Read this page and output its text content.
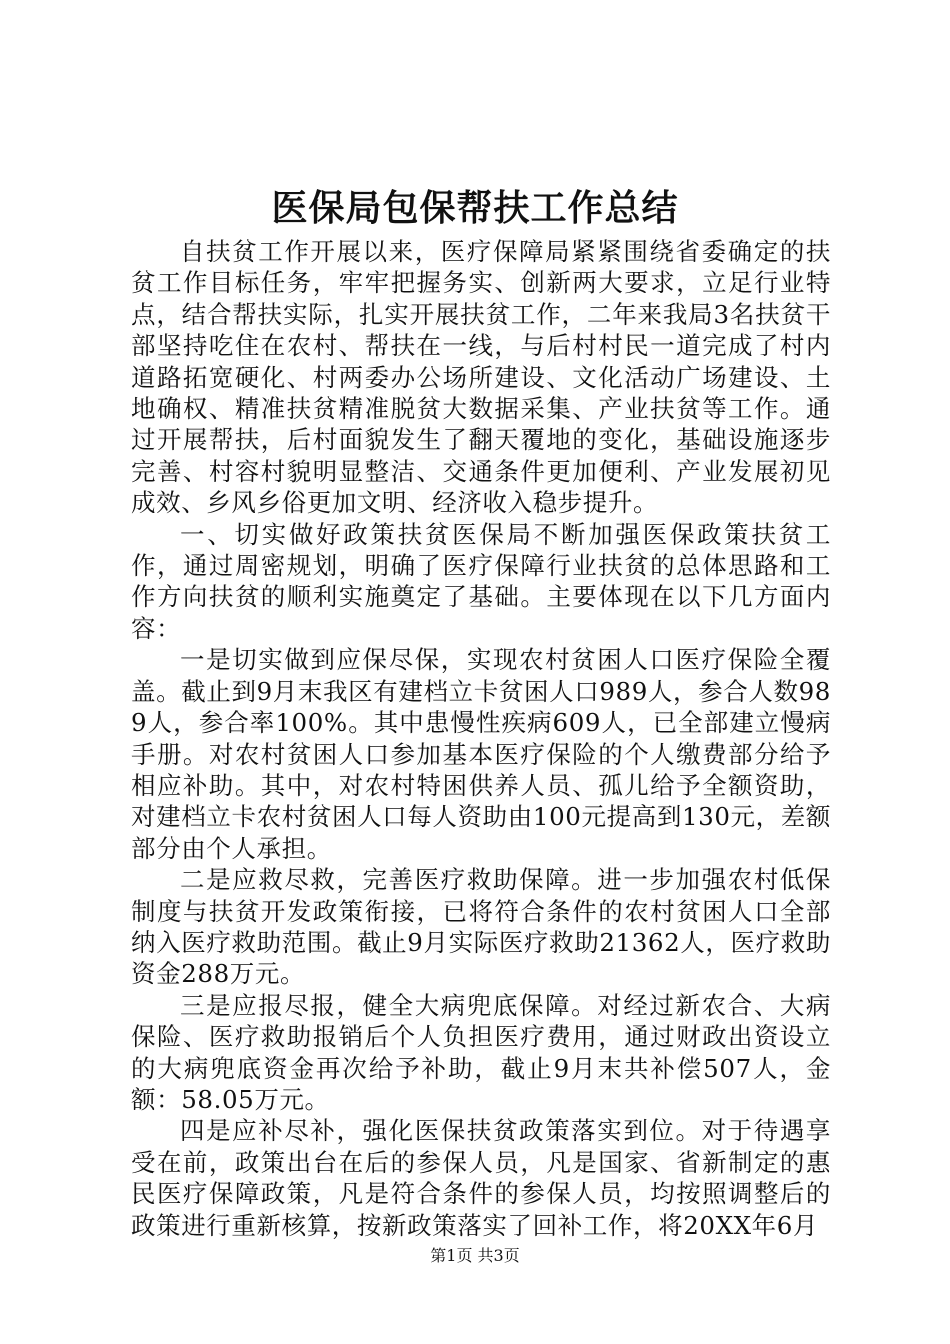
医保局包保帮扶工作总结

自扶贫工作开展以来，医疗保障局紧紧围绕省委确定的扶贫工作目标任务，牢牢把握务实、创新两大要求，立足行业特点，结合帮扶实际，扎实开展扶贫工作，二年来我局3名扶贫干部坚持吃住在农村、帮扶在一线，与后村村民一道完成了村内道路拓宽硬化、村两委办公场所建设、文化活动广场建设、土地确权、精准扶贫精准脱贫大数据采集、产业扶贫等工作。通过开展帮扶，后村面貌发生了翻天覆地的变化，基础设施逐步完善、村容村貌明显整洁、交通条件更加便利、产业发展初见成效、乡风乡俗更加文明、经济收入稳步提升。

一、切实做好政策扶贫医保局不断加强医保政策扶贫工作，通过周密规划，明确了医疗保障行业扶贫的总体思路和工作方向扶贫的顺利实施奠定了基础。主要体现在以下几方面内容：

一是切实做到应保尽保，实现农村贫困人口医疗保险全覆盖。截止到9月末我区有建档立卡贫困人口989人，参合人数989人，参合率100%。其中患慢性疾病609人，已全部建立慢病手册。对农村贫困人口参加基本医疗保险的个人缴费部分给予相应补助。其中，对农村特困供养人员、孤儿给予全额资助，对建档立卡农村贫困人口每人资助由100元提高到130元，差额部分由个人承担。

二是应救尽救，完善医疗救助保障。进一步加强农村低保制度与扶贫开发政策衔接，已将符合条件的农村贫困人口全部纳入医疗救助范围。截止9月实际医疗救助21362人，医疗救助资金288万元。

三是应报尽报，健全大病兜底保障。对经过新农合、大病保险、医疗救助报销后个人负担医疗费用，通过财政出资设立的大病兜底资金再次给予补助，截止9月末共补偿507人，金额：58.05万元。

四是应补尽补，强化医保扶贫政策落实到位。对于待遇享受在前，政策出台在后的参保人员，凡是国家、省新制定的惠民医疗保障政策，凡是符合条件的参保人员，均按照调整后的政策进行重新核算，按新政策落实了回补工作，将20XX年6月

第1页 共3页
